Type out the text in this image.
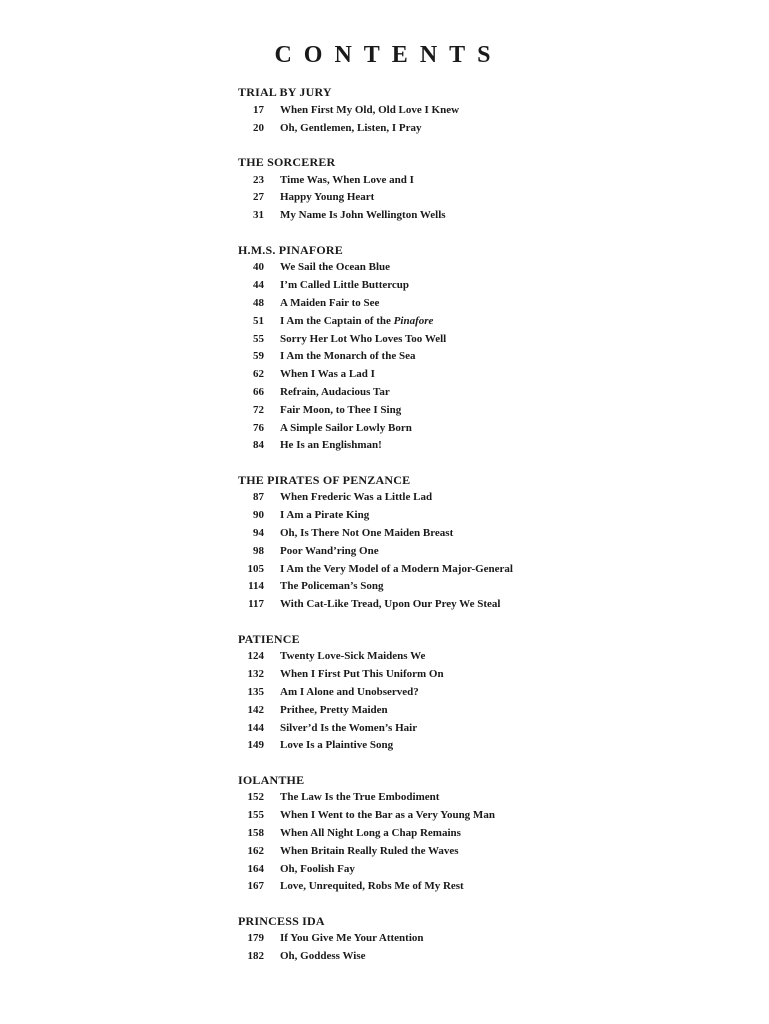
CONTENTS
TRIAL BY JURY
17 When First My Old, Old Love I Knew
20 Oh, Gentlemen, Listen, I Pray
THE SORCERER
23 Time Was, When Love and I
27 Happy Young Heart
31 My Name Is John Wellington Wells
H.M.S. PINAFORE
40 We Sail the Ocean Blue
44 I’m Called Little Buttercup
48 A Maiden Fair to See
51 I Am the Captain of the Pinafore
55 Sorry Her Lot Who Loves Too Well
59 I Am the Monarch of the Sea
62 When I Was a Lad I
66 Refrain, Audacious Tar
72 Fair Moon, to Thee I Sing
76 A Simple Sailor Lowly Born
84 He Is an Englishman!
THE PIRATES OF PENZANCE
87 When Frederic Was a Little Lad
90 I Am a Pirate King
94 Oh, Is There Not One Maiden Breast
98 Poor Wand’ring One
105 I Am the Very Model of a Modern Major-General
114 The Policeman’s Song
117 With Cat-Like Tread, Upon Our Prey We Steal
PATIENCE
124 Twenty Love-Sick Maidens We
132 When I First Put This Uniform On
135 Am I Alone and Unobserved?
142 Prithee, Pretty Maiden
144 Silver’d Is the Women’s Hair
149 Love Is a Plaintive Song
IOLANTHE
152 The Law Is the True Embodiment
155 When I Went to the Bar as a Very Young Man
158 When All Night Long a Chap Remains
162 When Britain Really Ruled the Waves
164 Oh, Foolish Fay
167 Love, Unrequited, Robs Me of My Rest
PRINCESS IDA
179 If You Give Me Your Attention
182 Oh, Goddess Wise
